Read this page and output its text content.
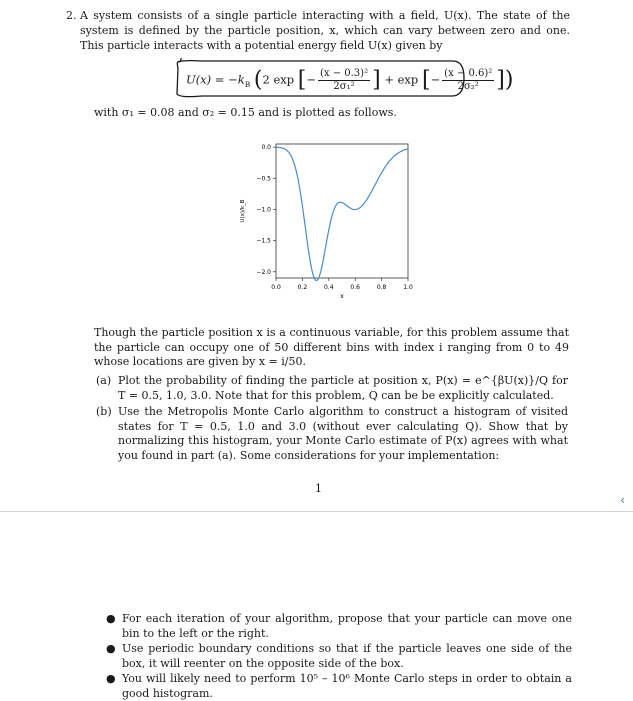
2. A system consists of a single particle interacting with a field, U(x). The state of the system is defined by the particle position, x, which can vary between zero and one. This particle interacts with a potential energy field U(x) given by
$U(x) = -k_B$ (2 exp [− $\frac{\text{(x − 0.3)²}}{\text{2σ₁²}}$ ] + exp [− $\frac{\text{(x − 0.6)²}}{\text{2σ₂²}}$ ])
with σ₁ = 0.08 and σ₂ = 0.15 and is plotted as follows.
0.0	0.2	0.4	0.6	0.8	1.0
0.0
−0.5
−1.0
−1.5
−2.0
x
U(x)/k_B
Though the particle position x is a continuous variable, for this problem assume that the particle can occupy one of 50 different bins with index i ranging from 0 to 49 whose locations are given by x = i/50.
(a) Plot the probability of finding the particle at position x, P(x) = e^{βU(x)}/Q for T = 0.5, 1.0, 3.0. Note that for this problem, Q can be be explicitly calculated.
(b) Use the Metropolis Monte Carlo algorithm to construct a histogram of visited states for T = 0.5, 1.0 and 3.0 (without ever calculating Q). Show that by normalizing this histogram, your Monte Carlo estimate of P(x) agrees with what you found in part (a). Some considerations for your implementation:
1
‹
● For each iteration of your algorithm, propose that your particle can move one bin to the left or the right.
● Use periodic boundary conditions so that if the particle leaves one side of the box, it will reenter on the opposite side of the box.
● You will likely need to perform 10⁵ – 10⁶ Monte Carlo steps in order to obtain a good histogram.
